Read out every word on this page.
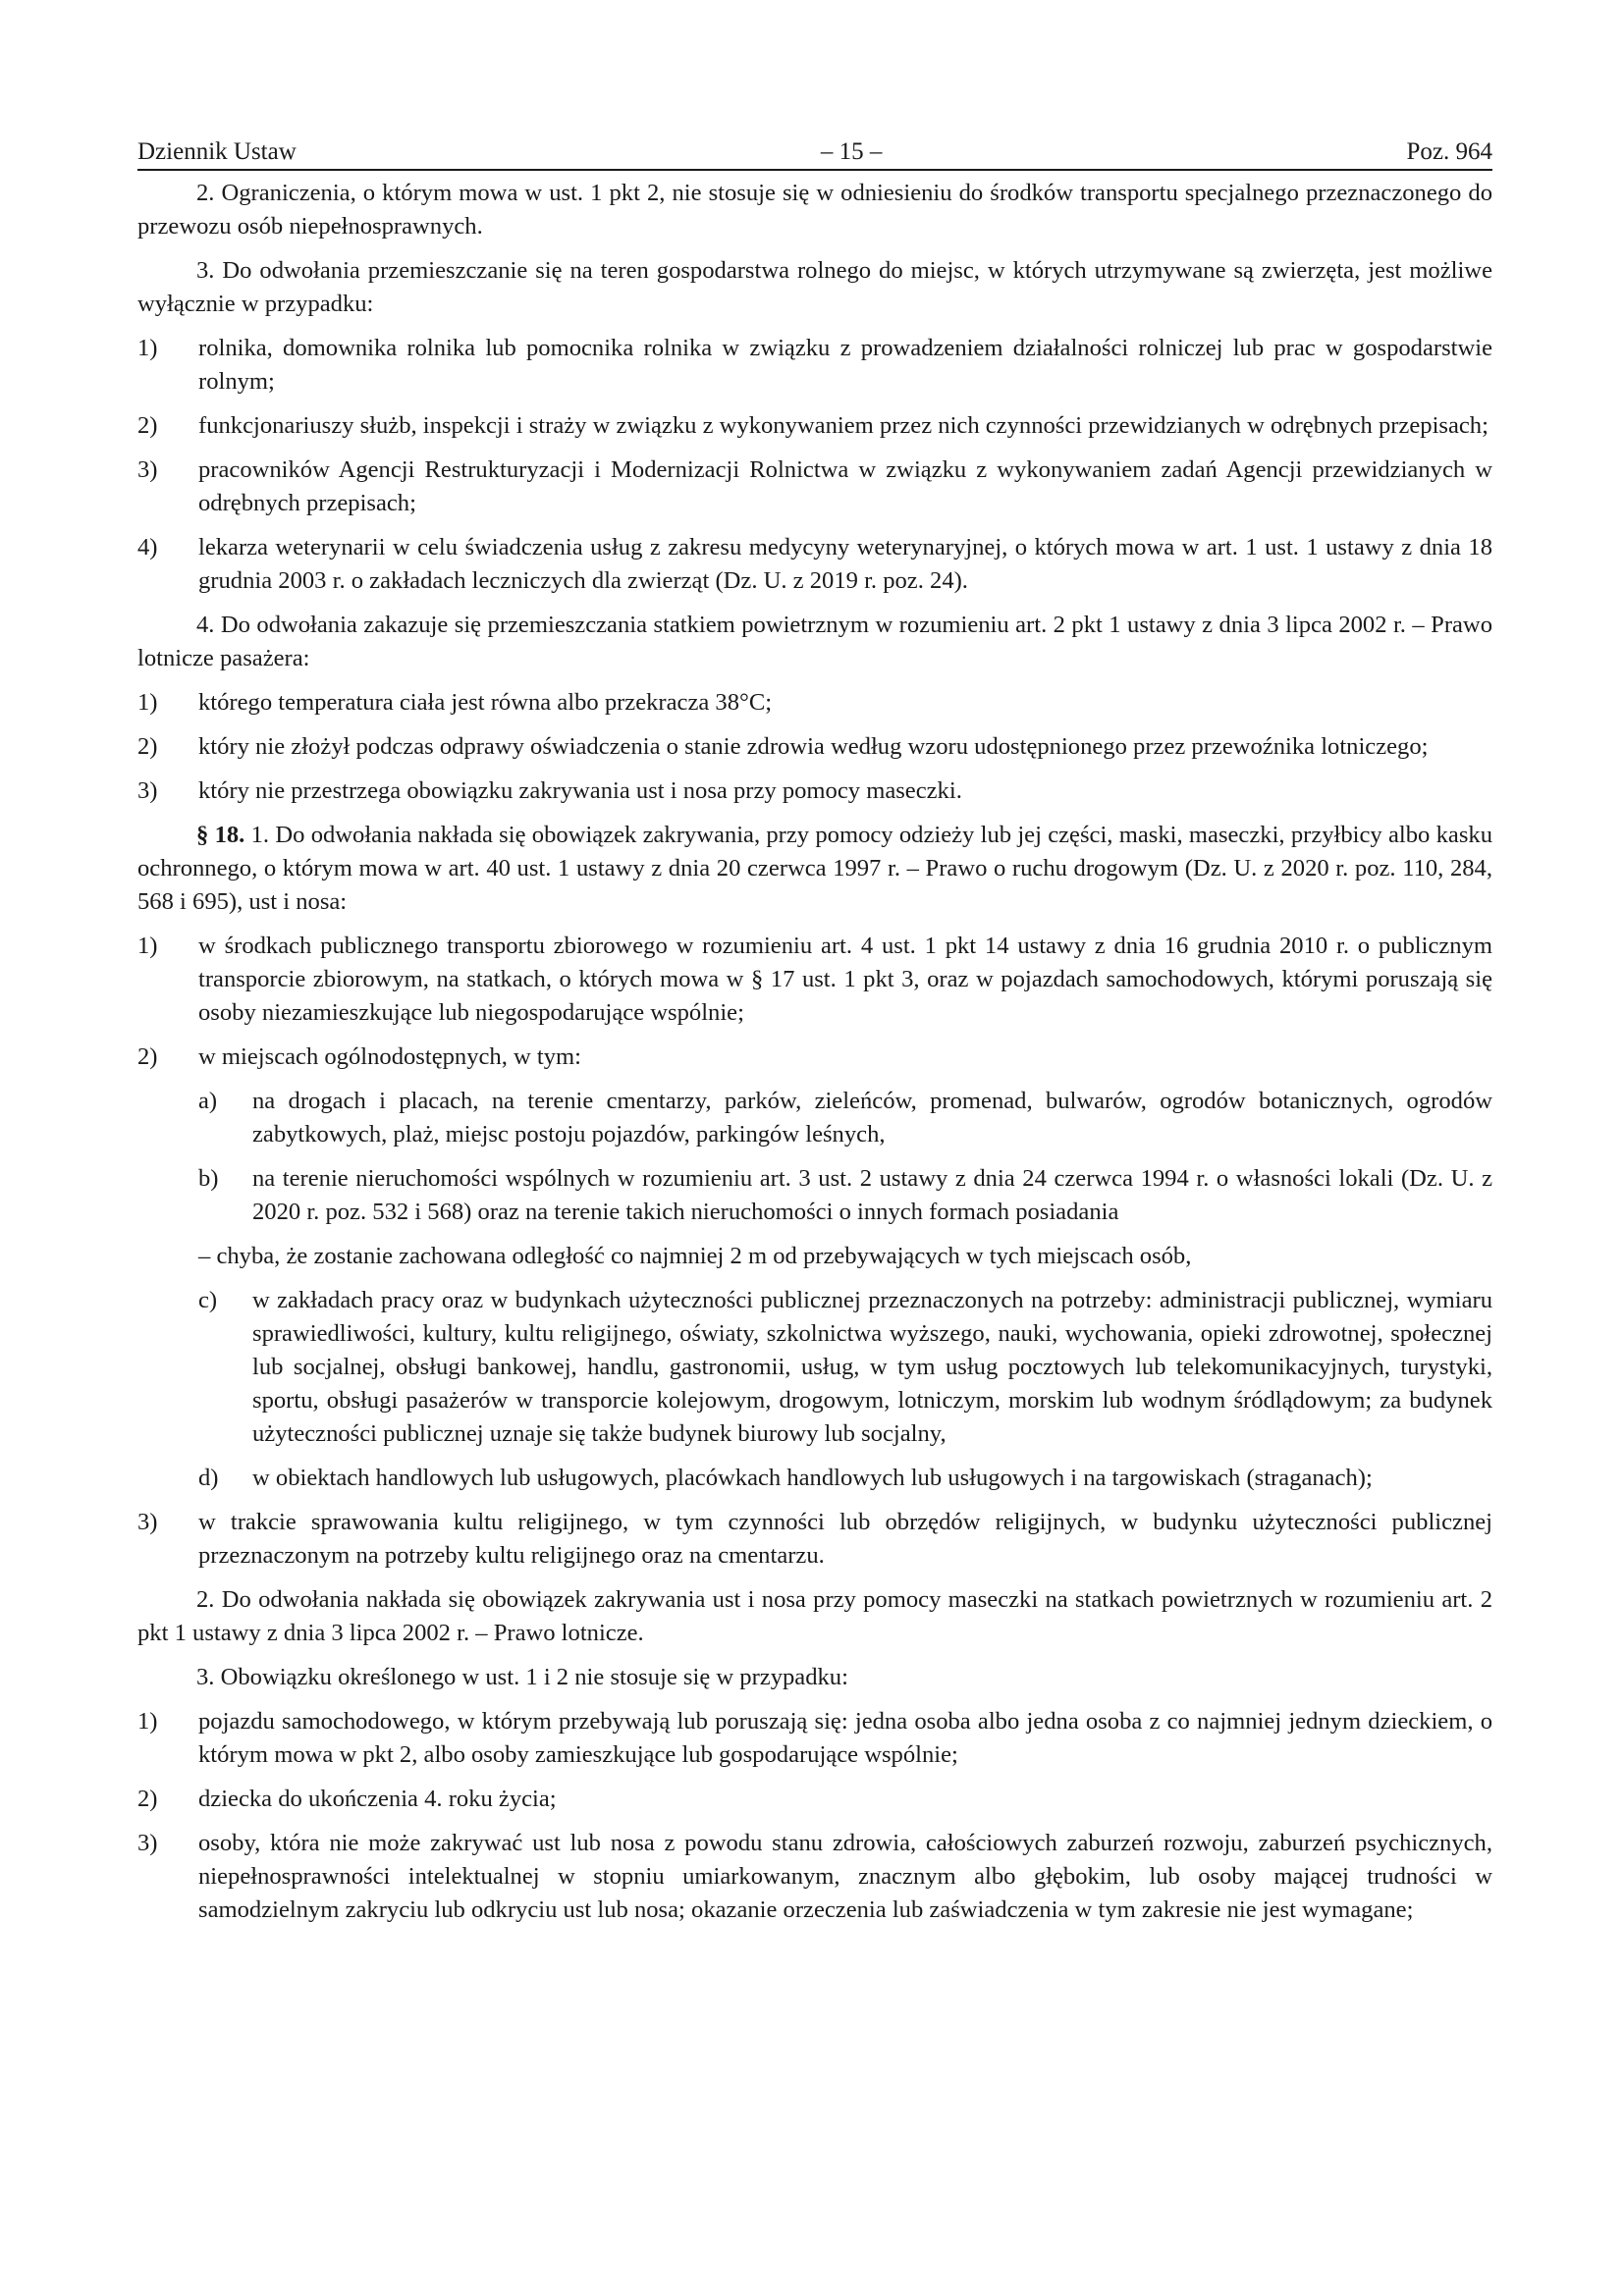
Dziennik Ustaw	– 15 –	Poz. 964

2. Ograniczenia, o którym mowa w ust. 1 pkt 2, nie stosuje się w odniesieniu do środków transportu specjalnego przeznaczonego do przewozu osób niepełnosprawnych.

3. Do odwołania przemieszczanie się na teren gospodarstwa rolnego do miejsc, w których utrzymywane są zwierzęta, jest możliwe wyłącznie w przypadku:

1)	rolnika, domownika rolnika lub pomocnika rolnika w związku z prowadzeniem działalności rolniczej lub prac w gospodarstwie rolnym;
2)	funkcjonariuszy służb, inspekcji i straży w związku z wykonywaniem przez nich czynności przewidzianych w odrębnych przepisach;
3)	pracowników Agencji Restrukturyzacji i Modernizacji Rolnictwa w związku z wykonywaniem zadań Agencji przewidzianych w odrębnych przepisach;
4)	lekarza weterynarii w celu świadczenia usług z zakresu medycyny weterynaryjnej, o których mowa w art. 1 ust. 1 ustawy z dnia 18 grudnia 2003 r. o zakładach leczniczych dla zwierząt (Dz. U. z 2019 r. poz. 24).

4. Do odwołania zakazuje się przemieszczania statkiem powietrznym w rozumieniu art. 2 pkt 1 ustawy z dnia 3 lipca 2002 r. – Prawo lotnicze pasażera:

1)	którego temperatura ciała jest równa albo przekracza 38°C;
2)	który nie złożył podczas odprawy oświadczenia o stanie zdrowia według wzoru udostępnionego przez przewoźnika lotniczego;
3)	który nie przestrzega obowiązku zakrywania ust i nosa przy pomocy maseczki.

§ 18. 1. Do odwołania nakłada się obowiązek zakrywania, przy pomocy odzieży lub jej części, maski, maseczki, przyłbicy albo kasku ochronnego, o którym mowa w art. 40 ust. 1 ustawy z dnia 20 czerwca 1997 r. – Prawo o ruchu drogowym (Dz. U. z 2020 r. poz. 110, 284, 568 i 695), ust i nosa:

1)	w środkach publicznego transportu zbiorowego w rozumieniu art. 4 ust. 1 pkt 14 ustawy z dnia 16 grudnia 2010 r. o publicznym transporcie zbiorowym, na statkach, o których mowa w § 17 ust. 1 pkt 3, oraz w pojazdach samochodowych, którymi poruszają się osoby niezamieszkujące lub niegospodarujące wspólnie;
2)	w miejscach ogólnodostępnych, w tym:
a)	na drogach i placach, na terenie cmentarzy, parków, zieleńców, promenad, bulwarów, ogrodów botanicznych, ogrodów zabytkowych, plaż, miejsc postoju pojazdów, parkingów leśnych,
b)	na terenie nieruchomości wspólnych w rozumieniu art. 3 ust. 2 ustawy z dnia 24 czerwca 1994 r. o własności lokali (Dz. U. z 2020 r. poz. 532 i 568) oraz na terenie takich nieruchomości o innych formach posiadania

– chyba, że zostanie zachowana odległość co najmniej 2 m od przebywających w tych miejscach osób,

c)	w zakładach pracy oraz w budynkach użyteczności publicznej przeznaczonych na potrzeby: administracji publicznej, wymiaru sprawiedliwości, kultury, kultu religijnego, oświaty, szkolnictwa wyższego, nauki, wychowania, opieki zdrowotnej, społecznej lub socjalnej, obsługi bankowej, handlu, gastronomii, usług, w tym usług pocztowych lub telekomunikacyjnych, turystyki, sportu, obsługi pasażerów w transporcie kolejowym, drogowym, lotniczym, morskim lub wodnym śródlądowym; za budynek użyteczności publicznej uznaje się także budynek biurowy lub socjalny,
d)	w obiektach handlowych lub usługowych, placówkach handlowych lub usługowych i na targowiskach (straganach);
3)	w trakcie sprawowania kultu religijnego, w tym czynności lub obrzędów religijnych, w budynku użyteczności publicznej przeznaczonym na potrzeby kultu religijnego oraz na cmentarzu.

2. Do odwołania nakłada się obowiązek zakrywania ust i nosa przy pomocy maseczki na statkach powietrznych w rozumieniu art. 2 pkt 1 ustawy z dnia 3 lipca 2002 r. – Prawo lotnicze.

3. Obowiązku określonego w ust. 1 i 2 nie stosuje się w przypadku:

1)	pojazdu samochodowego, w którym przebywają lub poruszają się: jedna osoba albo jedna osoba z co najmniej jednym dzieckiem, o którym mowa w pkt 2, albo osoby zamieszkujące lub gospodarujące wspólnie;
2)	dziecka do ukończenia 4. roku życia;
3)	osoby, która nie może zakrywać ust lub nosa z powodu stanu zdrowia, całościowych zaburzeń rozwoju, zaburzeń psychicznych, niepełnosprawności intelektualnej w stopniu umiarkowanym, znacznym albo głębokim, lub osoby mającej trudności w samodzielnym zakryciu lub odkryciu ust lub nosa; okazanie orzeczenia lub zaświadczenia w tym zakresie nie jest wymagane;
